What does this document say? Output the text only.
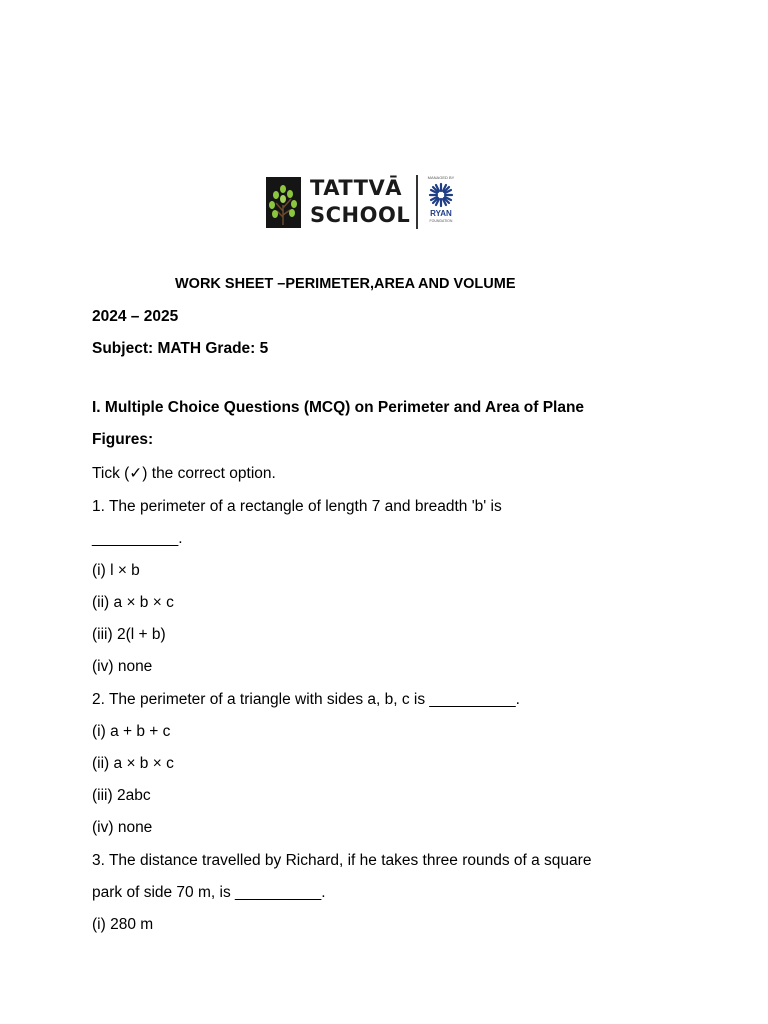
TATTVĀ
SCHOOL
MANAGED BY
RYAN
FOUNDATION
WORK SHEET –PERIMETER,AREA AND VOLUME
2024 – 2025
Subject: MATH Grade: 5
I. Multiple Choice Questions (MCQ) on Perimeter and Area of Plane
Figures:
Tick (✓) the correct option.
1. The perimeter of a rectangle of length 7 and breadth 'b' is
__________.
(i) l × b
(ii) a × b × c
(iii) 2(l + b)
(iv) none
2. The perimeter of a triangle with sides a, b, c is __________.
(i) a + b + c
(ii) a × b × c
(iii) 2abc
(iv) none
3. The distance travelled by Richard, if he takes three rounds of a square
park of side 70 m, is __________.
(i) 280 m
